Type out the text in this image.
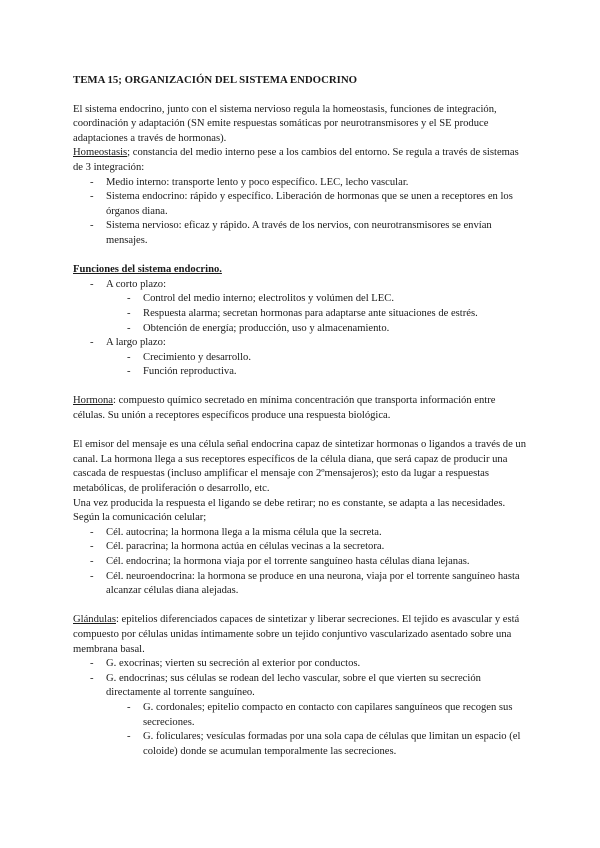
TEMA 15; ORGANIZACIÓN DEL SISTEMA ENDOCRINO

El sistema endocrino, junto con el sistema nervioso regula la homeostasis, funciones de integración, coordinación y adaptación (SN emite respuestas somáticas por neurotransmisores y el SE produce adaptaciones a través de hormonas).

Homeostasis; constancia del medio interno pese a los cambios del entorno. Se regula a través de sistemas de 3 integración:

- Medio interno: transporte lento y poco específico. LEC, lecho vascular.
- Sistema endocrino: rápido y específico. Liberación de hormonas que se unen a receptores en los órganos diana.
- Sistema nervioso: eficaz y rápido. A través de los nervios, con neurotransmisores se envían mensajes.

Funciones del sistema endocrino.

- A corto plazo:
- Control del medio interno; electrolitos y volúmen del LEC.
- Respuesta alarma; secretan hormonas para adaptarse ante situaciones de estrés.
- Obtención de energía; producción, uso y almacenamiento.
- A largo plazo:
- Crecimiento y desarrollo.
- Función reproductiva.

Hormona: compuesto químico secretado en mínima concentración que transporta información entre células. Su unión a receptores específicos produce una respuesta biológica.

El emisor del mensaje es una célula señal endocrina capaz de sintetizar hormonas o ligandos a través de un canal. La hormona llega a sus receptores específicos de la célula diana, que será capaz de producir una cascada de respuestas (incluso amplificar el mensaje con 2ºmensajeros); esto da lugar a respuestas metabólicas, de proliferación o desarrollo, etc.

Una vez producida la respuesta el ligando se debe retirar; no es constante, se adapta a las necesidades. Según la comunicación celular;

- Cél. autocrina; la hormona llega a la misma célula que la secreta.
- Cél. paracrina; la hormona actúa en células vecinas a la secretora.
- Cél. endocrina; la hormona viaja por el torrente sanguíneo hasta células diana lejanas.
- Cél. neuroendocrina: la hormona se produce en una neurona, viaja por el torrente sanguíneo hasta alcanzar células diana alejadas.

Glándulas: epitelios diferenciados capaces de sintetizar y liberar secreciones. El tejido es avascular y está compuesto por células unidas íntimamente sobre un tejido conjuntivo vascularizado asentado sobre una membrana basal.

- G. exocrinas; vierten su secreción al exterior por conductos.
- G. endocrinas; sus células se rodean del lecho vascular, sobre el que vierten su secreción directamente al torrente sanguíneo.
- G. cordonales; epitelio compacto en contacto con capilares sanguíneos que recogen sus secreciones.
- G. foliculares; vesículas formadas por una sola capa de células que limitan un espacio (el coloide) donde se acumulan temporalmente las secreciones.
